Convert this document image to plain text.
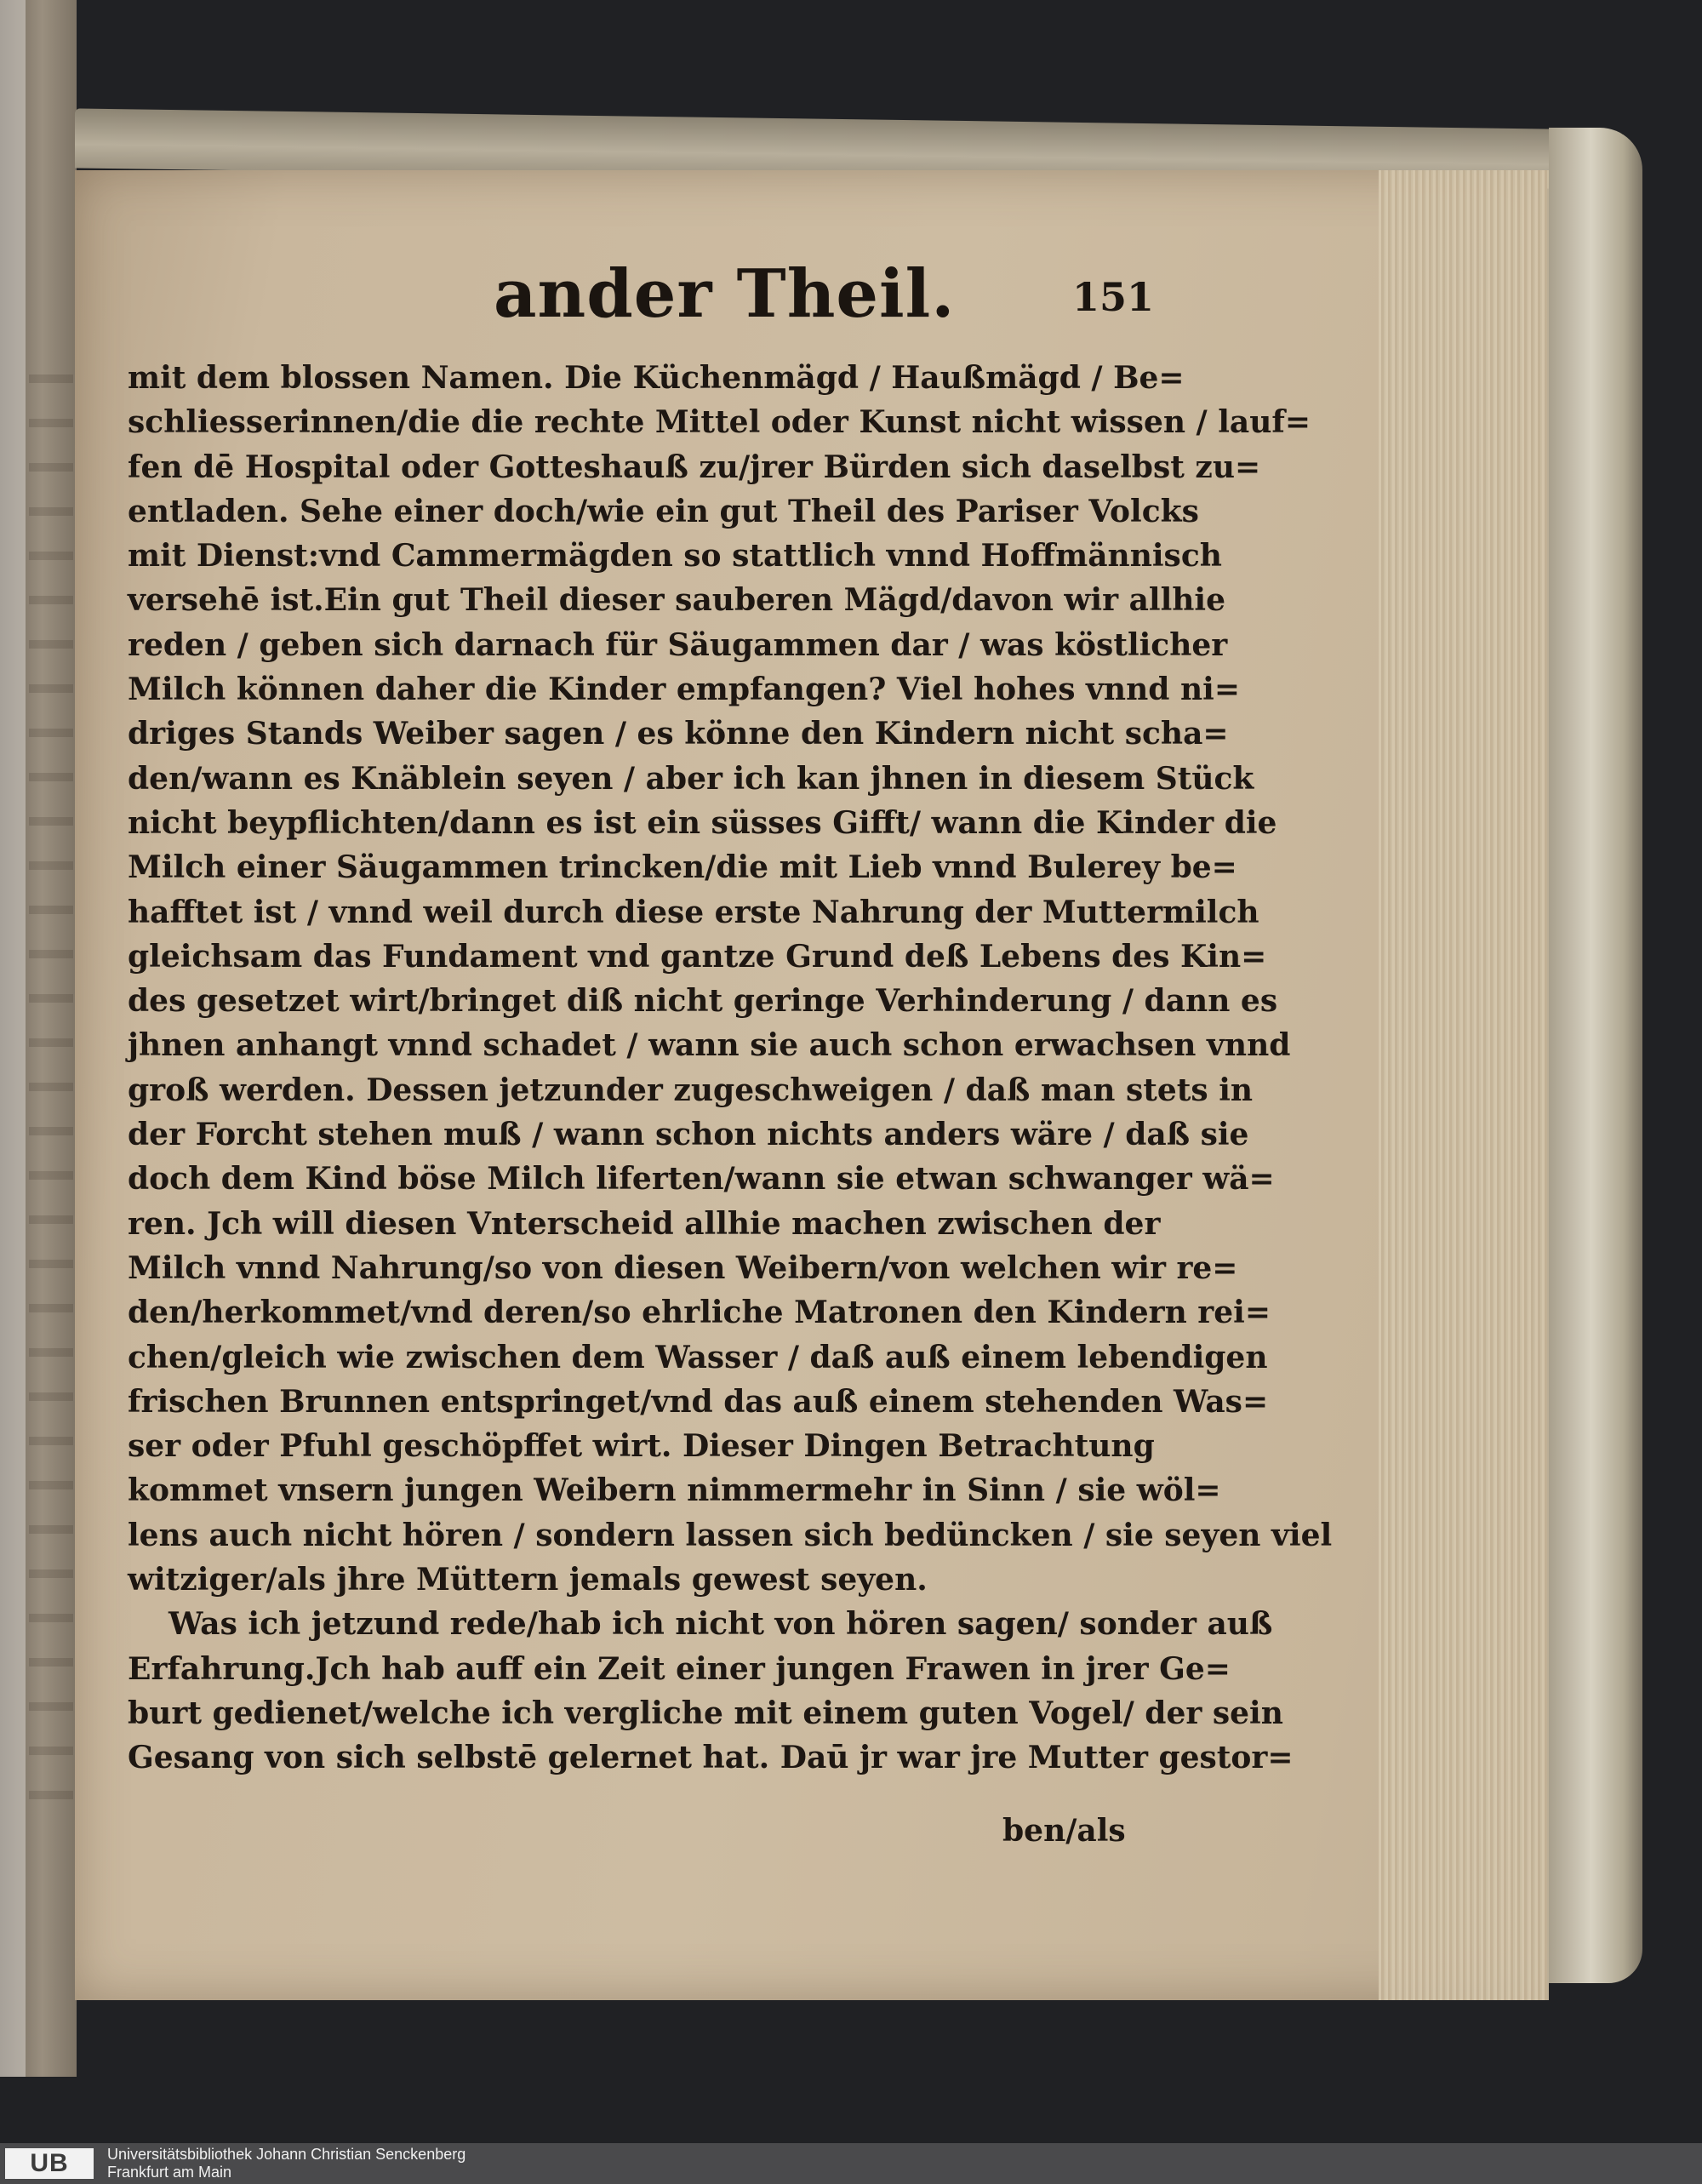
ander Theil.	151
mit dem blossen Namen. Die Küchenmägd / Haußmägd / Be=
schliesserinnen/die die rechte Mittel oder Kunst nicht wissen / lauf=
fen dē Hospital oder Gotteshauß zu/jrer Bürden sich daselbst zu=
entladen. Sehe einer doch/wie ein gut Theil des Pariser Volcks
mit Dienst:vnd Cammermägden so stattlich vnnd Hoffmännisch
versehē ist.Ein gut Theil dieser sauberen Mägd/davon wir allhie
reden / geben sich darnach für Säugammen dar / was köstlicher
Milch können daher die Kinder empfangen? Viel hohes vnnd ni=
driges Stands Weiber sagen / es könne den Kindern nicht scha=
den/wann es Knäblein seyen / aber ich kan jhnen in diesem Stück
nicht beypflichten/dann es ist ein süsses Gifft/ wann die Kinder die
Milch einer Säugammen trincken/die mit Lieb vnnd Bulerey be=
hafftet ist / vnnd weil durch diese erste Nahrung der Muttermilch
gleichsam das Fundament vnd gantze Grund deß Lebens des Kin=
des gesetzet wirt/bringet diß nicht geringe Verhinderung / dann es
jhnen anhangt vnnd schadet / wann sie auch schon erwachsen vnnd
groß werden. Dessen jetzunder zugeschweigen / daß man stets in
der Forcht stehen muß / wann schon nichts anders wäre / daß sie
doch dem Kind böse Milch liferten/wann sie etwan schwanger wä=
ren. Jch will diesen Vnterscheid allhie machen zwischen der
Milch vnnd Nahrung/so von diesen Weibern/von welchen wir re=
den/herkommet/vnd deren/so ehrliche Matronen den Kindern rei=
chen/gleich wie zwischen dem Wasser / daß auß einem lebendigen
frischen Brunnen entspringet/vnd das auß einem stehenden Was=
ser oder Pfuhl geschöpffet wirt. Dieser Dingen Betrachtung
kommet vnsern jungen Weibern nimmermehr in Sinn / sie wöl=
lens auch nicht hören / sondern lassen sich bedüncken / sie seyen viel
witziger/als jhre Müttern jemals gewest seyen.
Was ich jetzund rede/hab ich nicht von hören sagen/ sonder auß
Erfahrung.Jch hab auff ein Zeit einer jungen Frawen in jrer Ge=
burt gedienet/welche ich vergliche mit einem guten Vogel/ der sein
Gesang von sich selbstē gelernet hat. Daū jr war jre Mutter gestor=
ben/als
UB	Universitätsbibliothek Johann Christian Senckenberg
Frankfurt am Main
